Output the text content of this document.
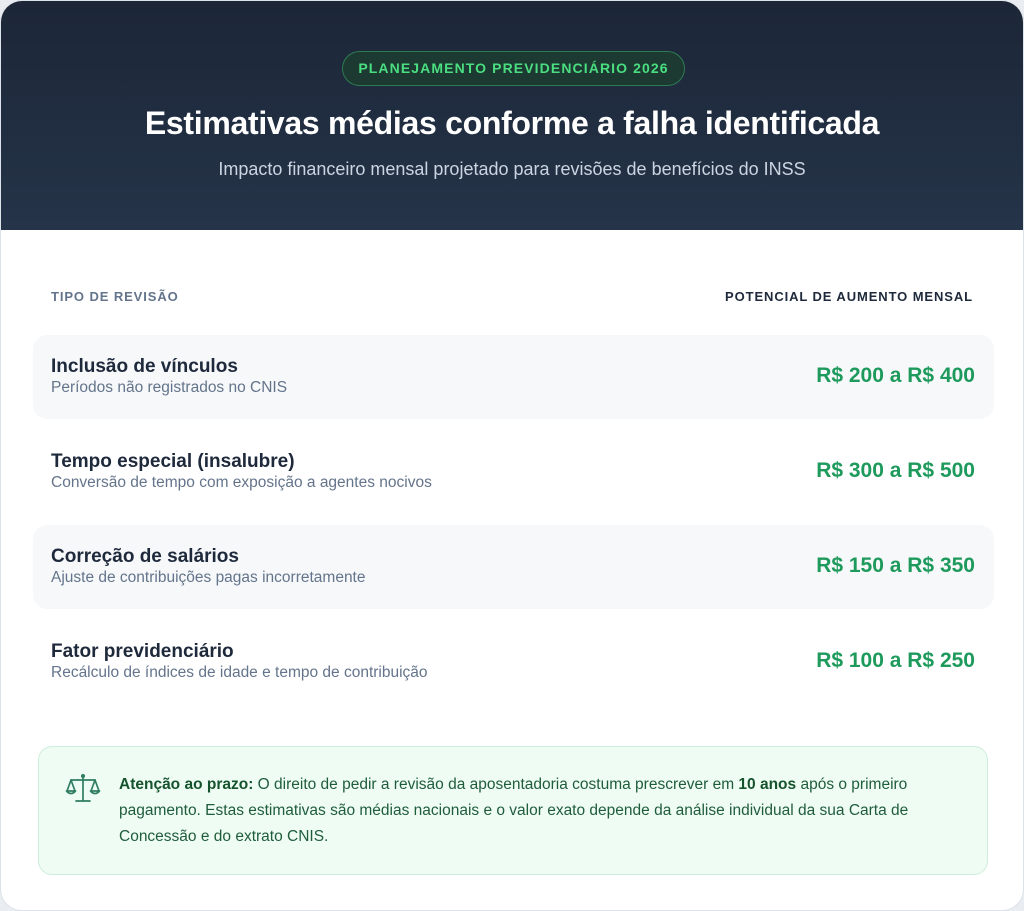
PLANEJAMENTO PREVIDENCIÁRIO 2026
Estimativas médias conforme a falha identificada
Impacto financeiro mensal projetado para revisões de benefícios do INSS
TIPO DE REVISÃO	POTENCIAL DE AUMENTO MENSAL
Inclusão de vínculos
Períodos não registrados no CNIS
R$ 200 a R$ 400
Tempo especial (insalubre)
Conversão de tempo com exposição a agentes nocivos
R$ 300 a R$ 500
Correção de salários
Ajuste de contribuições pagas incorretamente
R$ 150 a R$ 350
Fator previdenciário
Recálculo de índices de idade e tempo de contribuição
R$ 100 a R$ 250
Atenção ao prazo: O direito de pedir a revisão da aposentadoria costuma prescrever em 10 anos após o primeiro pagamento. Estas estimativas são médias nacionais e o valor exato depende da análise individual da sua Carta de Concessão e do extrato CNIS.
